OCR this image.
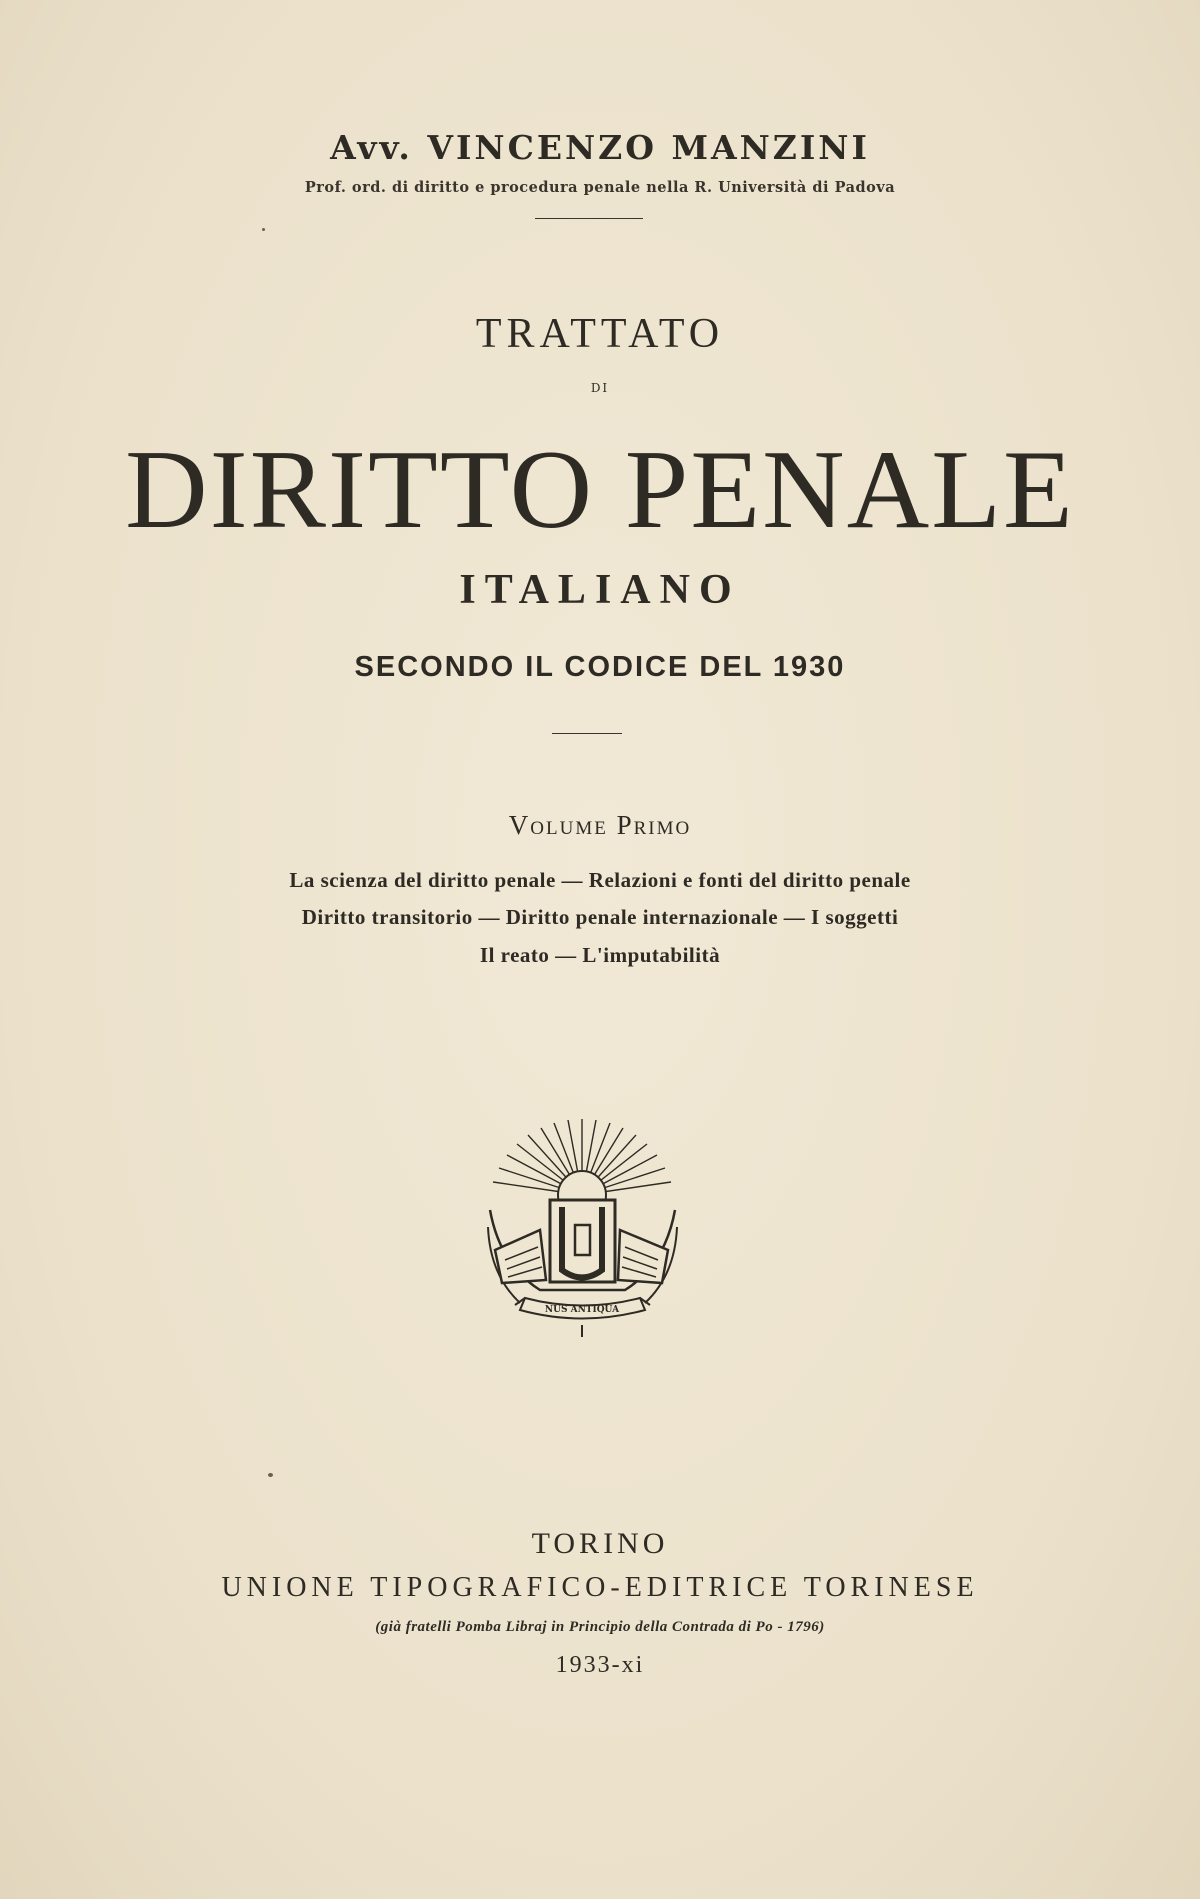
Avv. VINCENZO MANZINI
Prof. ord. di diritto e procedura penale nella R. Università di Padova
TRATTATO
DI
DIRITTO PENALE
ITALIANO
SECONDO IL CODICE DEL 1930
Volume Primo
La scienza del diritto penale — Relazioni e fonti del diritto penale
Diritto transitorio — Diritto penale internazionale — I soggetti
Il reato — L'imputabilità
NUS ANTIQUA
TORINO
UNIONE TIPOGRAFICO-EDITRICE TORINESE
(già fratelli Pomba Libraj in Principio della Contrada di Po - 1796)
1933-xi
